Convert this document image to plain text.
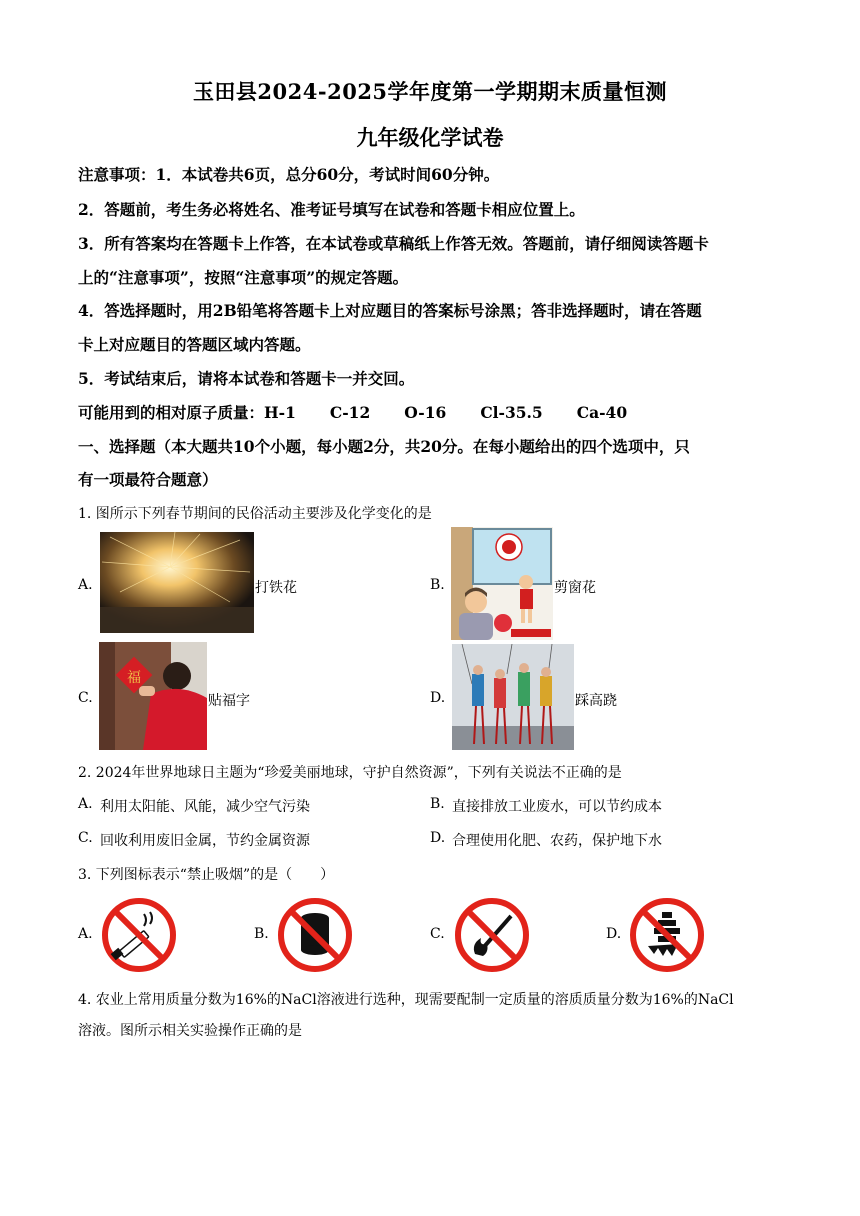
玉田县2024-2025学年度第一学期期末质量恒测
九年级化学试卷
注意事项：1．本试卷共6页，总分60分，考试时间60分钟。
2．答题前，考生务必将姓名、准考证号填写在试卷和答题卡相应位置上。
3．所有答案均在答题卡上作答，在本试卷或草稿纸上作答无效。答题前，请仔细阅读答题卡
上的“注意事项”，按照“注意事项”的规定答题。
4．答选择题时，用2B铅笔将答题卡上对应题目的答案标号涂黑；答非选择题时，请在答题
卡上对应题目的答题区域内答题。
5．考试结束后，请将本试卷和答题卡一并交回。
可能用到的相对原子质量：H-1 C-12 O-16 Cl-35.5 Ca-40
一、选择题（本大题共10个小题，每小题2分，共20分。在每小题给出的四个选项中，只
有一项最符合题意）
1. 图所示下列春节期间的民俗活动主要涉及化学变化的是
A.	打铁花	B.	剪窗花
C.
福
贴福字	D.	踩高跷
2. 2024年世界地球日主题为“珍爱美丽地球，守护自然资源”，下列有关说法不正确的是
A. 利用太阳能、风能，减少空气污染	B. 直接排放工业废水，可以节约成本
C. 回收利用废旧金属，节约金属资源	D. 合理使用化肥、农药，保护地下水
3. 下列图标表示“禁止吸烟”的是（　　）
A.	B.	C.	D.
4. 农业上常用质量分数为16%的NaCl溶液进行选种，现需要配制一定质量的溶质质量分数为16%的NaCl
溶液。图所示相关实验操作正确的是
